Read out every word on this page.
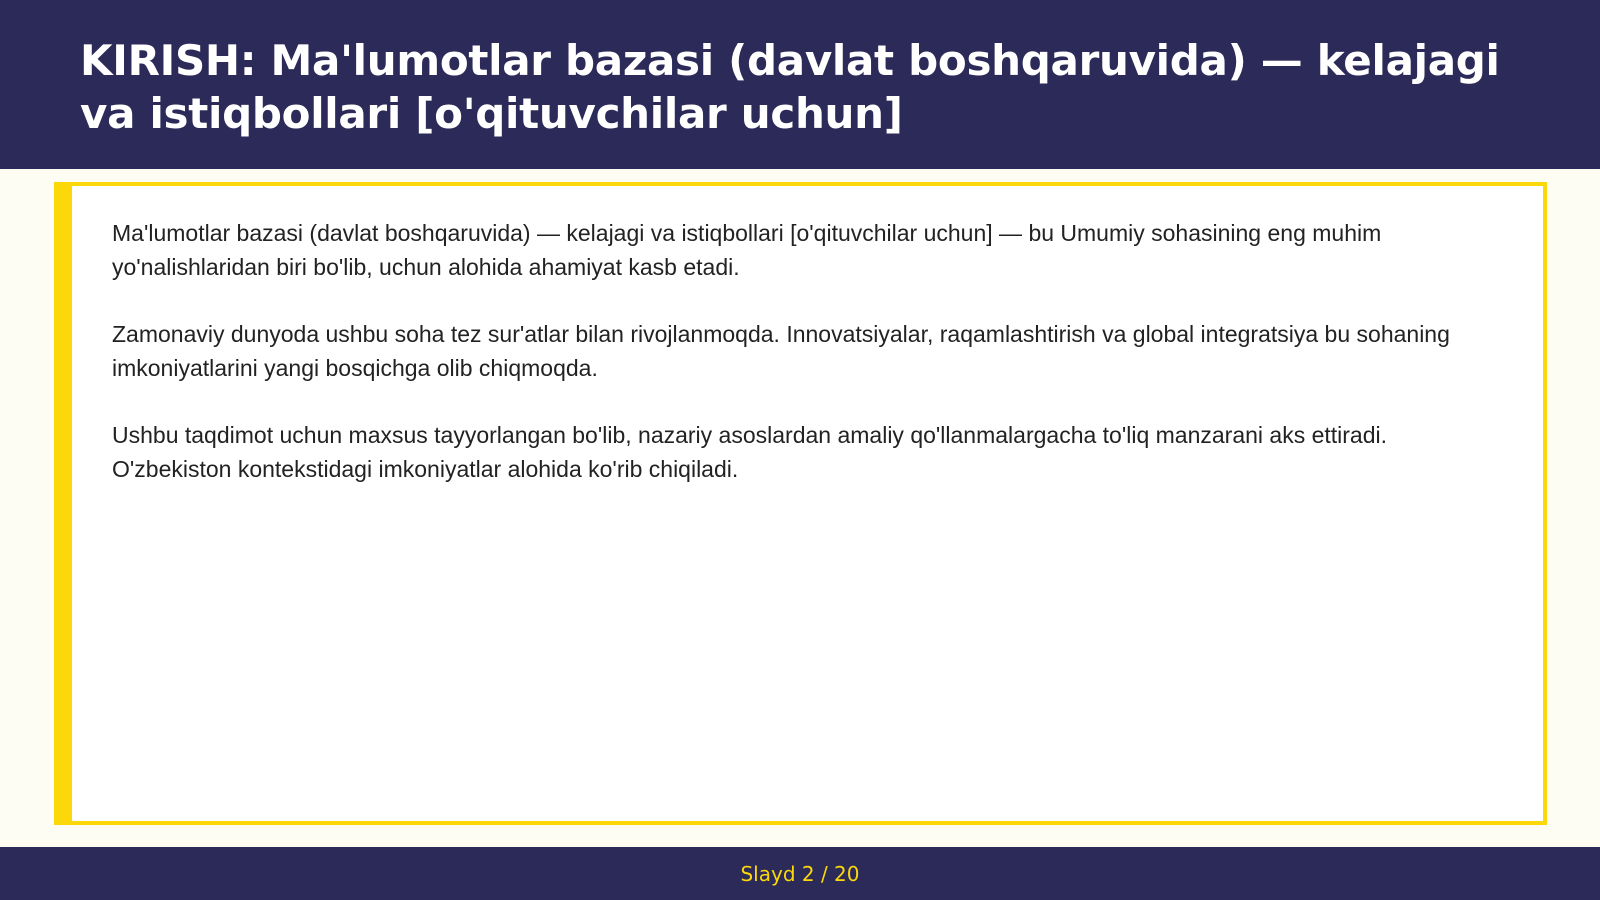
KIRISH: Ma'lumotlar bazasi (davlat boshqaruvida) — kelajagi va istiqbollari [o'qituvchilar uchun]

Ma'lumotlar bazasi (davlat boshqaruvida) — kelajagi va istiqbollari [o'qituvchilar uchun] — bu Umumiy sohasining eng muhim yo'nalishlaridan biri bo'lib, uchun alohida ahamiyat kasb etadi.

Zamonaviy dunyoda ushbu soha tez sur'atlar bilan rivojlanmoqda. Innovatsiyalar, raqamlashtirish va global integratsiya bu sohaning imkoniyatlarini yangi bosqichga olib chiqmoqda.

Ushbu taqdimot uchun maxsus tayyorlangan bo'lib, nazariy asoslardan amaliy qo'llanmalargacha to'liq manzarani aks ettiradi. O'zbekiston kontekstidagi imkoniyatlar alohida ko'rib chiqiladi.

Slayd 2 / 20
